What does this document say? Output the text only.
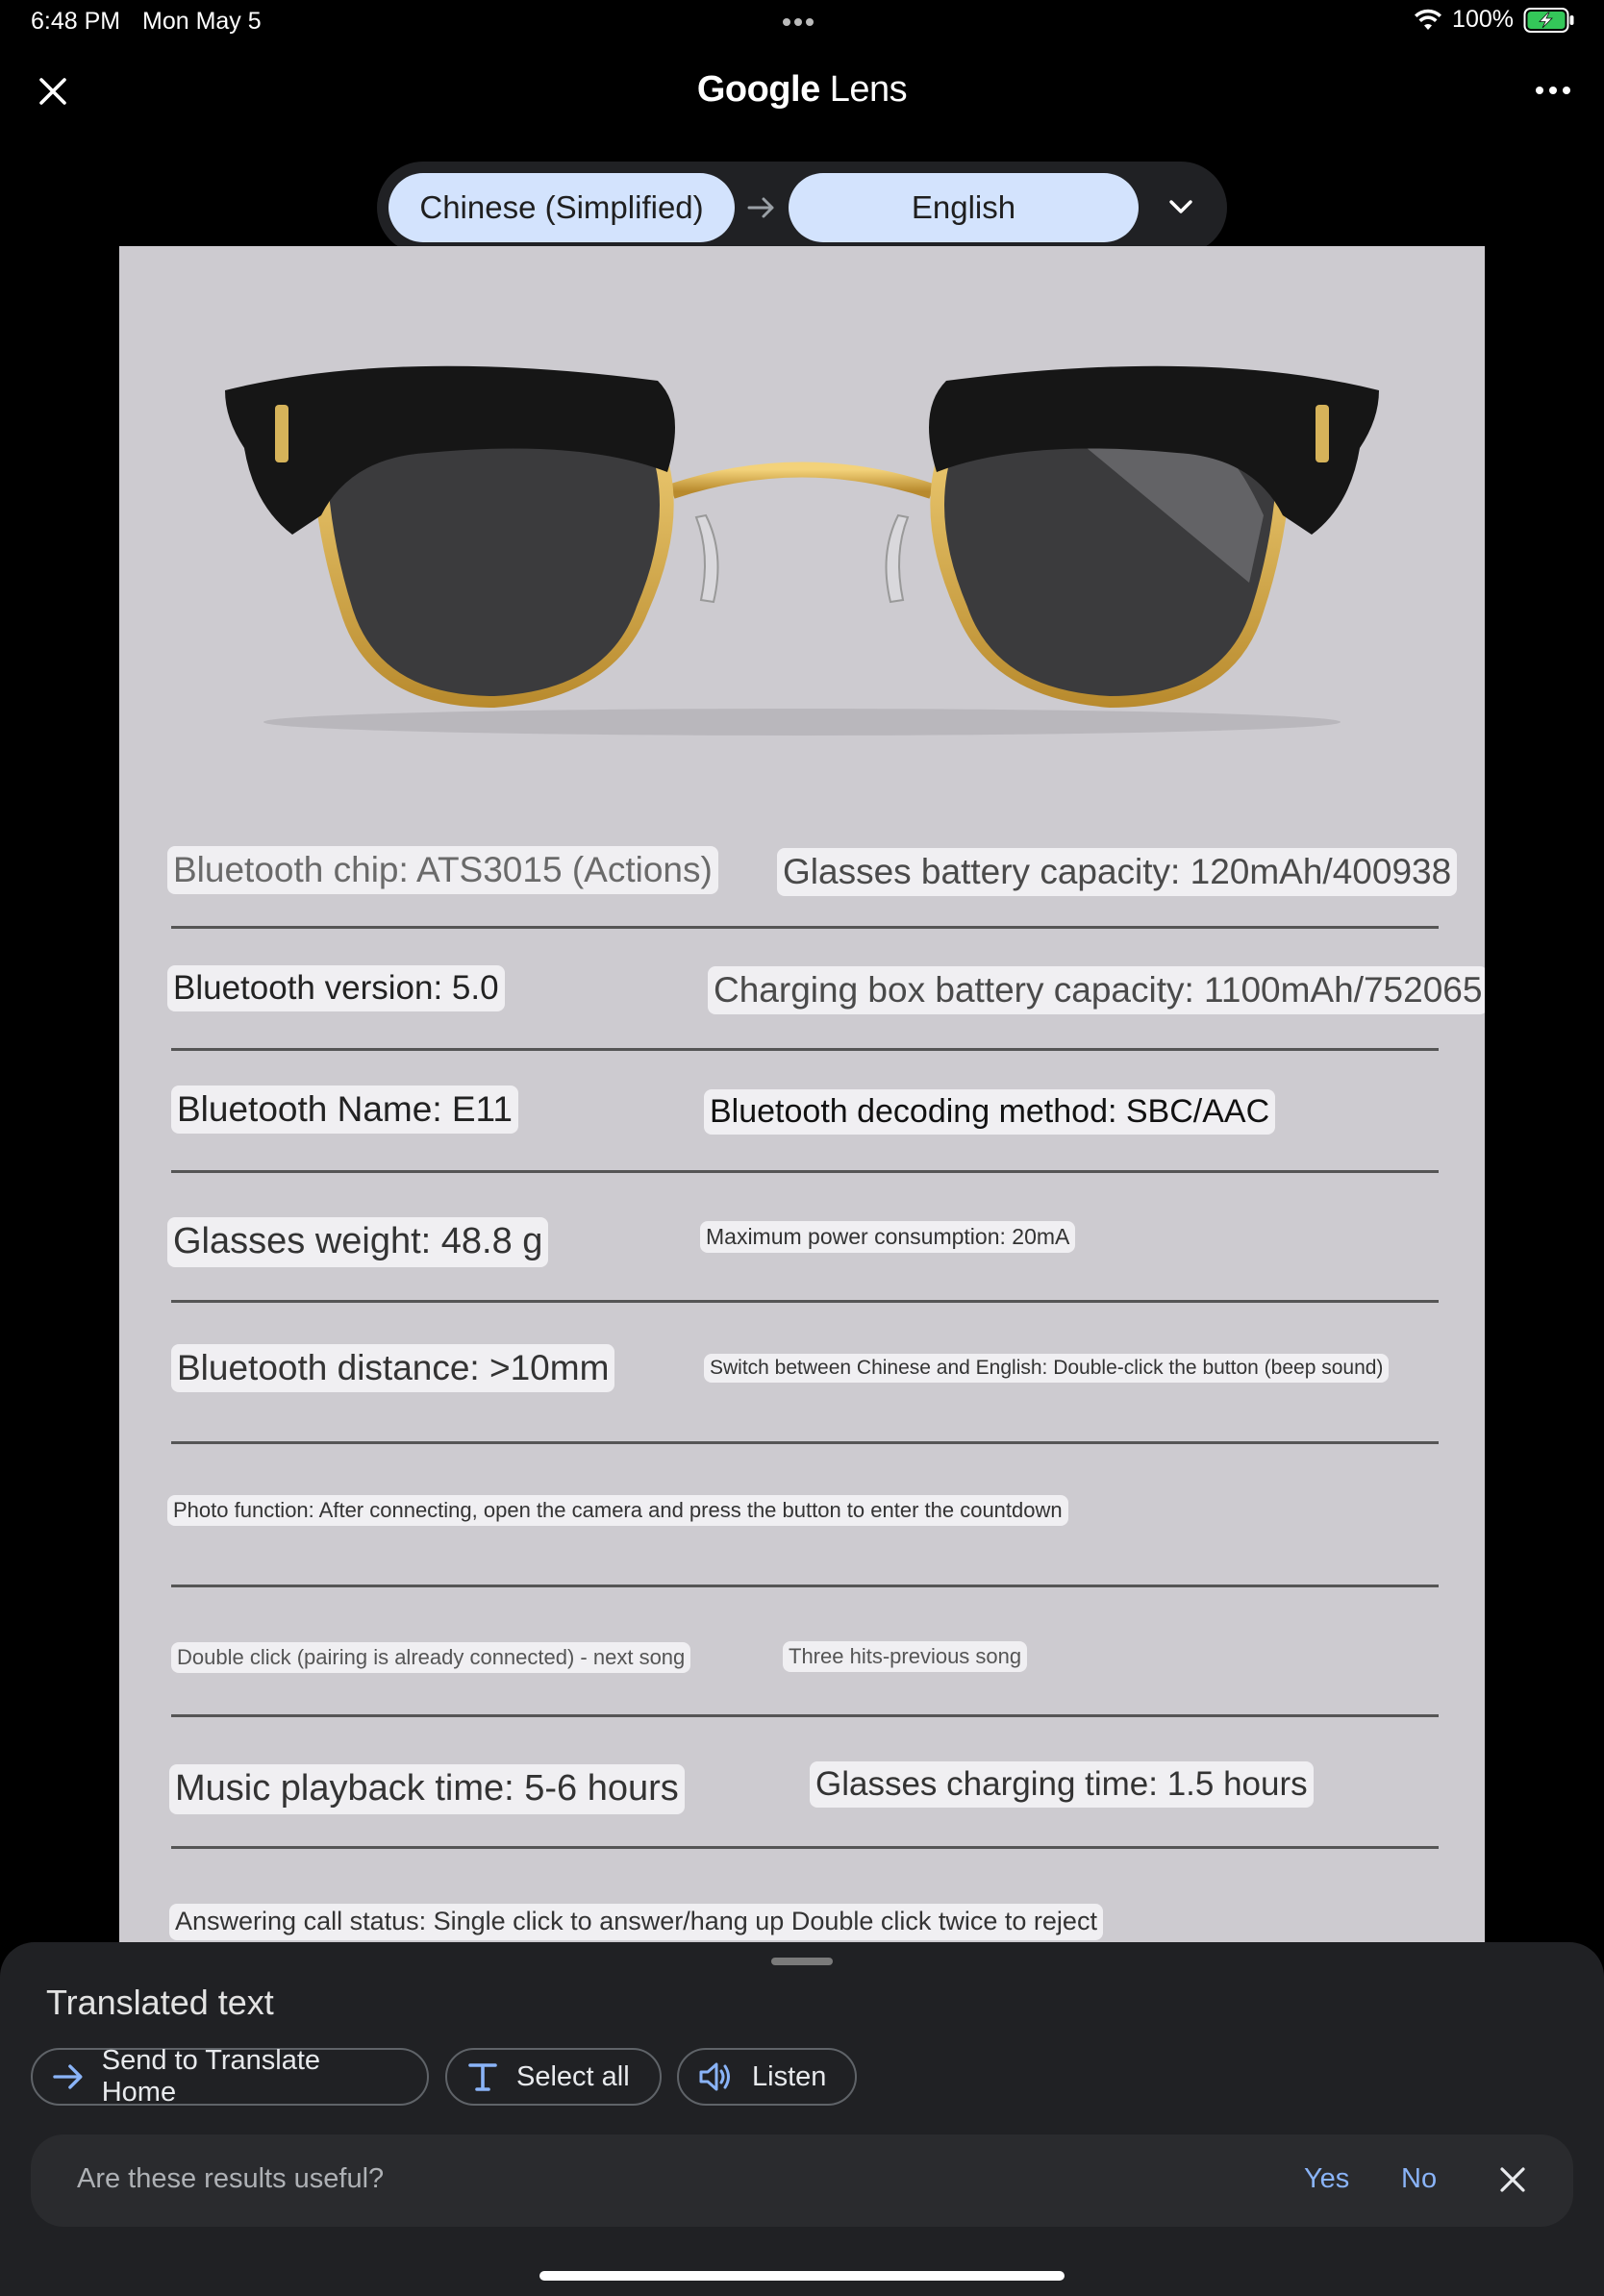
6:48 PM Mon May 5	100%
Google Lens
Chinese (Simplified)	English
Bluetooth chip: ATS3015 (Actions) Glasses battery capacity: 120mAh/400938
Bluetooth version: 5.0	Charging box battery capacity: 1100mAh/752065
Bluetooth Name: E11	Bluetooth decoding method: SBC/AAC
Glasses weight: 48.8 g	Maximum power consumption: 20mA
Bluetooth distance: >10mm	Switch between Chinese and English: Double-click the button (beep sound)
Photo function: After connecting, open the camera and press the button to enter the countdown
Double click (pairing is already connected) - next song	Three hits-previous song
Music playback time: 5-6 hours	Glasses charging time: 1.5 hours
Answering call status: Single click to answer/hang up Double click twice to reject
Translated text
Send to Translate Home
Select all	Listen
Are these results useful?	Yes No
